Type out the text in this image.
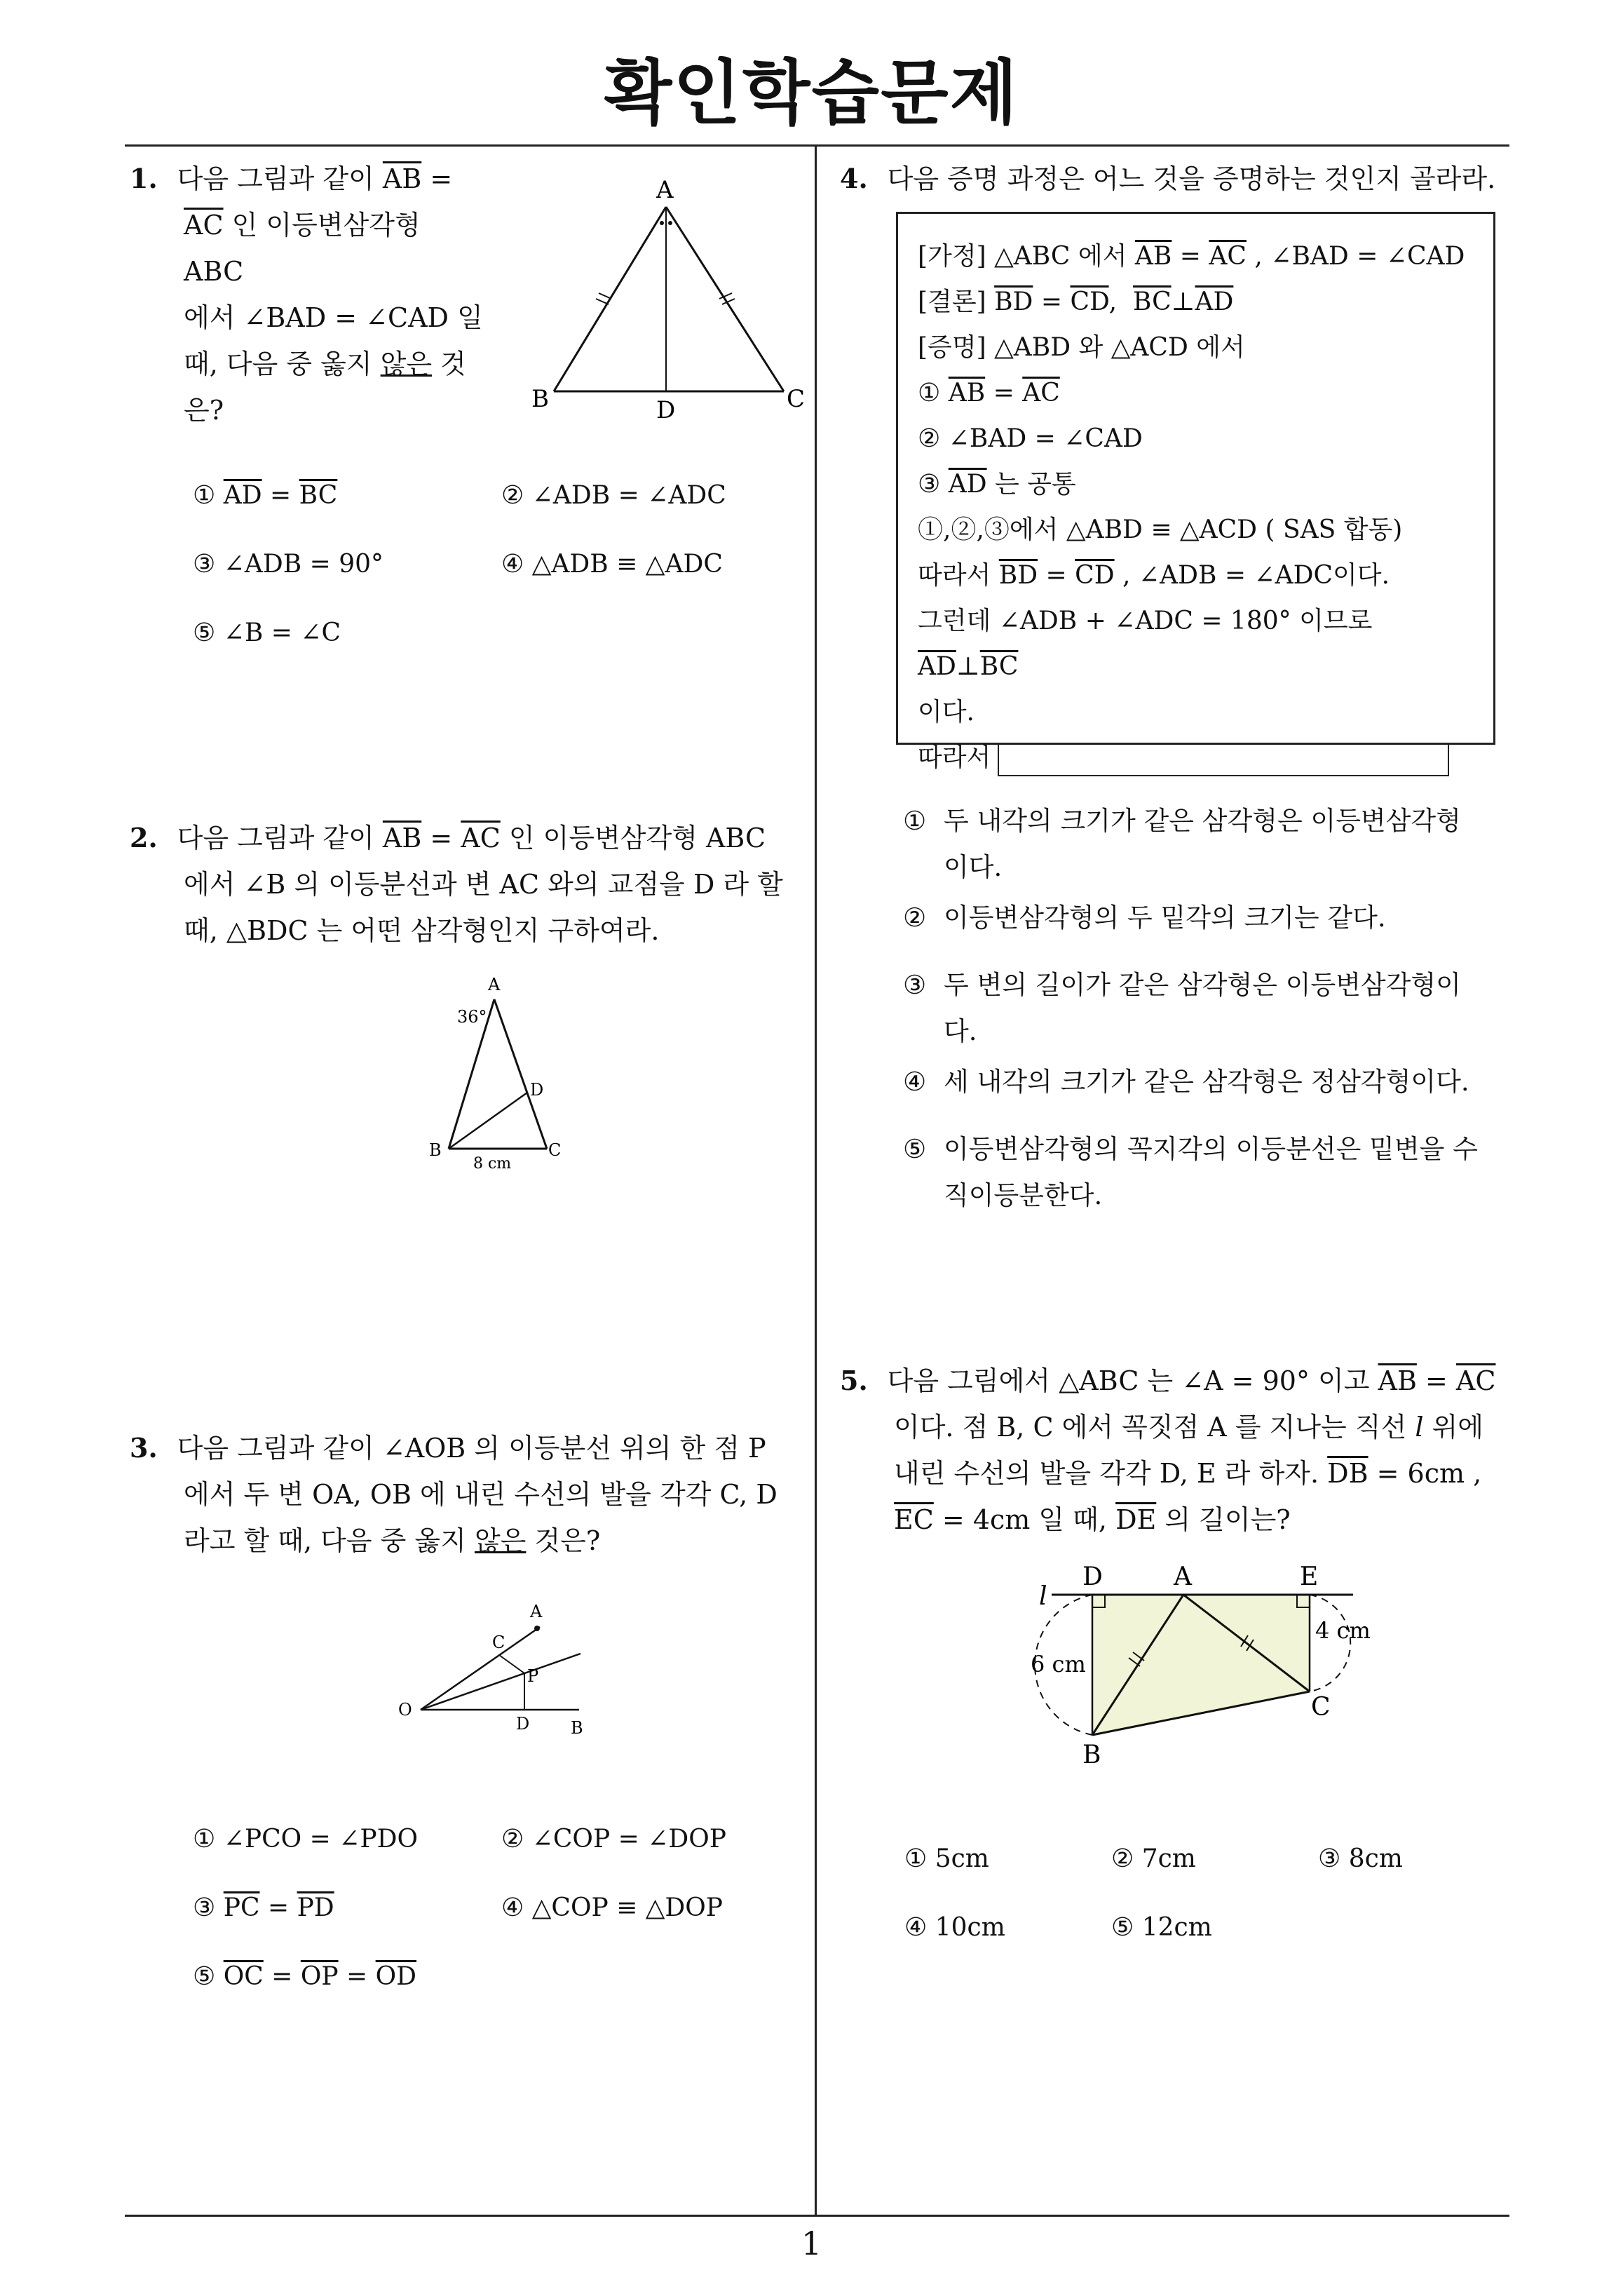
확인학습문제
1
1. 다음 그림과 같이 $\overline{AB}$ =
$\overline{AC}$ 인 이등변삼각형 ABC
에서 ∠BAD = ∠CAD 일
때, 다음 중 옳지 않은 것
은?
A
B	C
D
① $\overline{AD} = \overline{BC}$	② ∠ADB = ∠ADC
③ ∠ADB = 90°	④ △ADB ≡ △ADC
⑤ ∠B = ∠C
2. 다음 그림과 같이 $\overline{AB} = \overline{AC}$ 인 이등변삼각형 ABC
에서 ∠B 의 이등분선과 변 AC 와의 교점을 D 라 할
때, △BDC 는 어떤 삼각형인지 구하여라.
A
36°
D
B	C
8 cm
3. 다음 그림과 같이 ∠AOB 의 이등분선 위의 한 점 P
에서 두 변 OA, OB 에 내린 수선의 발을 각각 C, D
라고 할 때, 다음 중 옳지 않은 것은?
A
C
P
O
D B
① ∠PCO = ∠PDO	② ∠COP = ∠DOP
③ $\overline{PC} = \overline{PD}$	④ △COP ≡ △DOP
⑤ $\overline{OC} = \overline{OP} = \overline{OD}$
4. 다음 증명 과정은 어느 것을 증명하는 것인지 골라라.
[가정] △ABC 에서 $\overline{AB} = \overline{AC}$ , ∠BAD = ∠CAD
[결론] $\overline{BD} = \overline{CD}$,  $\overline{BC}\perp\overline{AD}$
[증명] △ABD 와 △ACD 에서
① $\overline{AB} = \overline{AC}$
② ∠BAD = ∠CAD
③ $\overline{AD}$ 는 공통
①,②,③에서 △ABD ≡ △ACD ( SAS 합동)
따라서 $\overline{BD} = \overline{CD}$ , ∠ADB = ∠ADC이다.
그런데 ∠ADB + ∠ADC = 180° 이므로 $\overline{AD}\perp\overline{BC}$
이다.
따라서
① 두 내각의 크기가 같은 삼각형은 이등변삼각형
이다.
② 이등변삼각형의 두 밑각의 크기는 같다.
③ 두 변의 길이가 같은 삼각형은 이등변삼각형이
다.
④ 세 내각의 크기가 같은 삼각형은 정삼각형이다.
⑤ 이등변삼각형의 꼭지각의 이등분선은 밑변을 수
직이등분한다.
5. 다음 그림에서 △ABC 는 ∠A = 90° 이고 $\overline{AB} = \overline{AC}$
이다. 점 B, C 에서 꼭짓점 A 를 지나는 직선 l 위에
내린 수선의 발을 각각 D, E 라 하자. $\overline{DB} = 6cm$ ,
$\overline{EC} = 4cm$ 일 때, $\overline{DE}$ 의 길이는?
l
D	A	E
4 cm
6 cm
C
B
① 5cm	② 7cm	③ 8cm
④ 10cm	⑤ 12cm
